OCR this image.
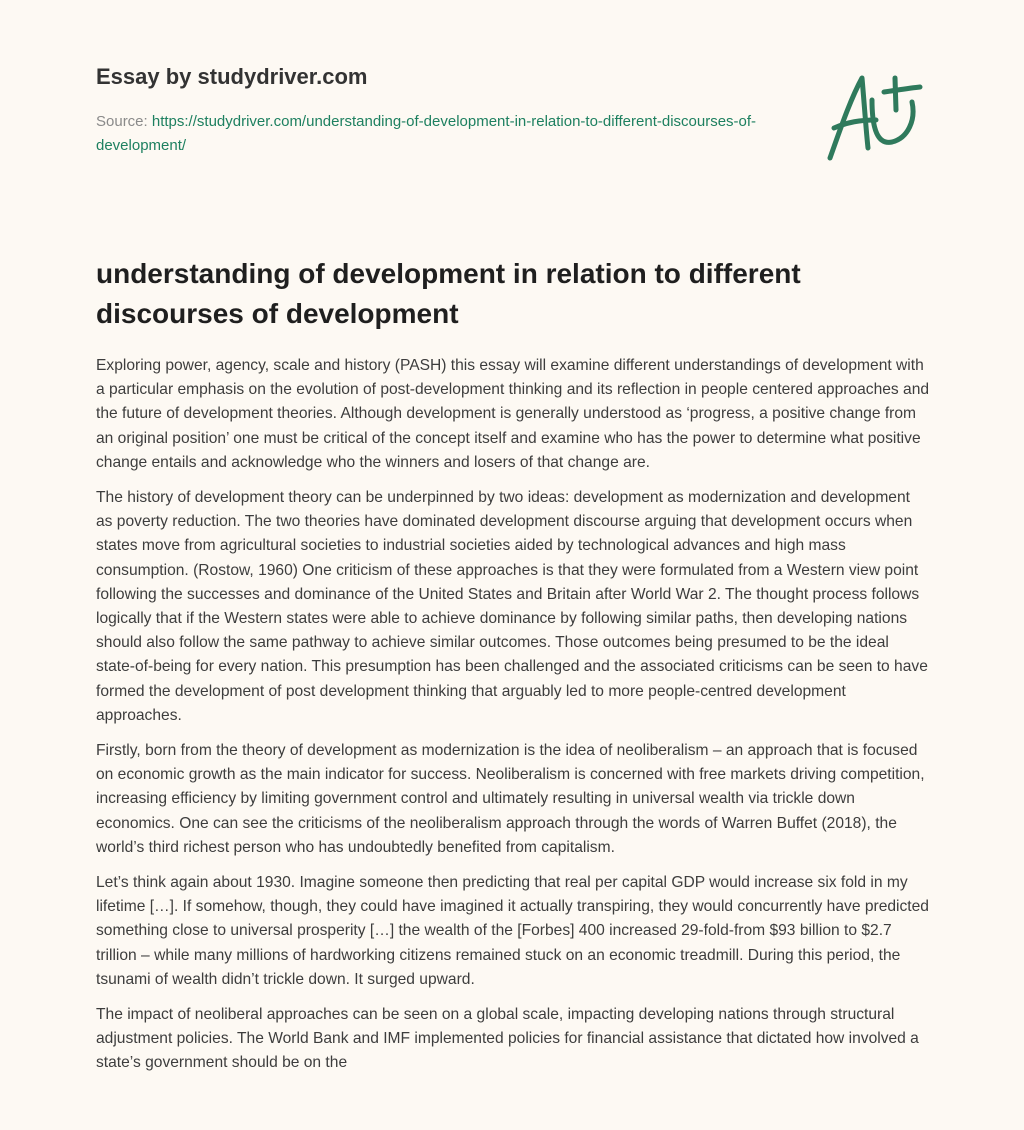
Essay by studydriver.com
Source: https://studydriver.com/understanding-of-development-in-relation-to-different-discourses-of-development/
understanding of development in relation to different discourses of development

Exploring power, agency, scale and history (PASH) this essay will examine different understandings of development with a particular emphasis on the evolution of post-development thinking and its reflection in people centered approaches and the future of development theories. Although development is generally understood as ‘progress, a positive change from an original position’ one must be critical of the concept itself and examine who has the power to determine what positive change entails and acknowledge who the winners and losers of that change are.

The history of development theory can be underpinned by two ideas: development as modernization and development as poverty reduction. The two theories have dominated development discourse arguing that development occurs when states move from agricultural societies to industrial societies aided by technological advances and high mass consumption. (Rostow, 1960) One criticism of these approaches is that they were formulated from a Western view point following the successes and dominance of the United States and Britain after World War 2. The thought process follows logically that if the Western states were able to achieve dominance by following similar paths, then developing nations should also follow the same pathway to achieve similar outcomes. Those outcomes being presumed to be the ideal state-of-being for every nation. This presumption has been challenged and the associated criticisms can be seen to have formed the development of post development thinking that arguably led to more people-centred development approaches.

Firstly, born from the theory of development as modernization is the idea of neoliberalism – an approach that is focused on economic growth as the main indicator for success. Neoliberalism is concerned with free markets driving competition, increasing efficiency by limiting government control and ultimately resulting in universal wealth via trickle down economics. One can see the criticisms of the neoliberalism approach through the words of Warren Buffet (2018), the world’s third richest person who has undoubtedly benefited from capitalism.

Let’s think again about 1930. Imagine someone then predicting that real per capital GDP would increase six fold in my lifetime […]. If somehow, though, they could have imagined it actually transpiring, they would concurrently have predicted something close to universal prosperity […] the wealth of the [Forbes] 400 increased 29-fold-from $93 billion to $2.7 trillion – while many millions of hardworking citizens remained stuck on an economic treadmill. During this period, the tsunami of wealth didn’t trickle down. It surged upward.

The impact of neoliberal approaches can be seen on a global scale, impacting developing nations through structural adjustment policies. The World Bank and IMF implemented policies for financial assistance that dictated how involved a state’s government should be on the
